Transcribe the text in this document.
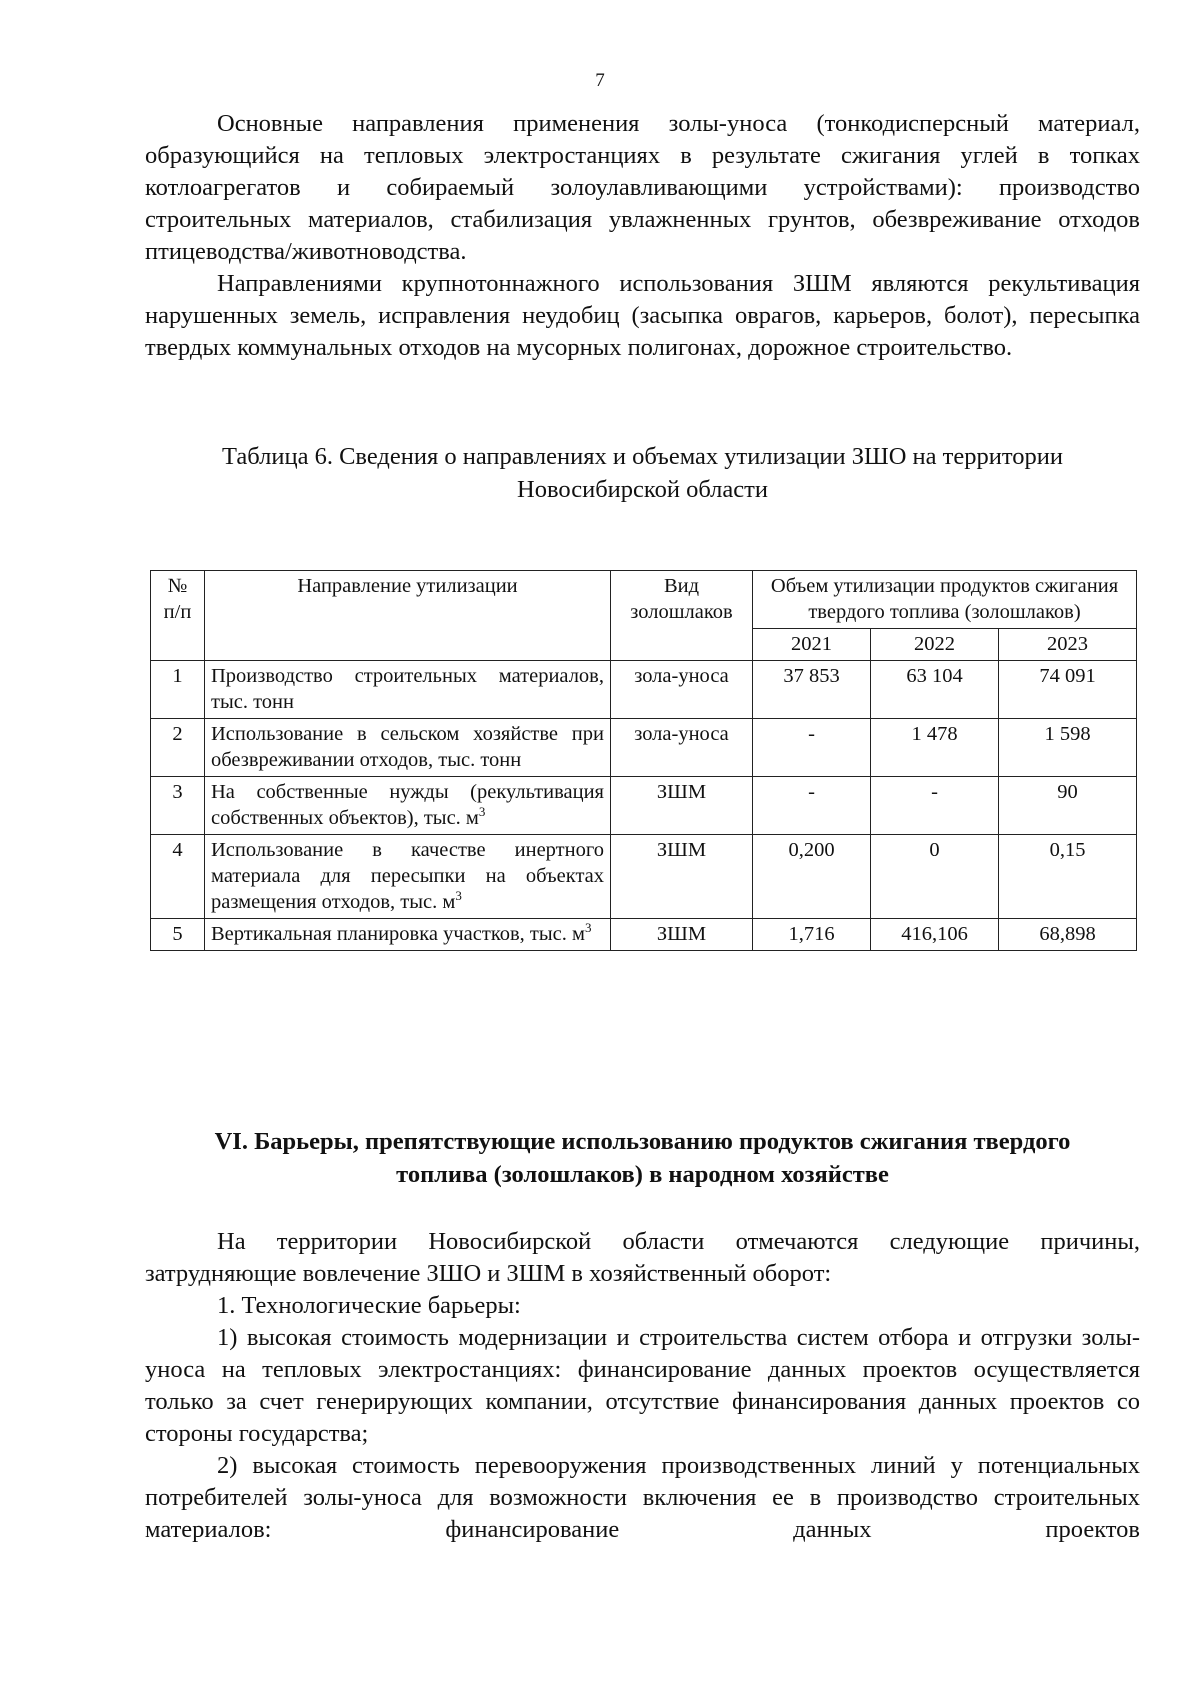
7

Основные направления применения золы-уноса (тонкодисперсный материал, образующийся на тепловых электростанциях в результате сжигания углей в топках котлоагрегатов и собираемый золоулавливающими устройствами): производство строительных материалов, стабилизация увлажненных грунтов, обезвреживание отходов птицеводства/животноводства.

Направлениями крупнотоннажного использования ЗШМ являются рекультивация нарушенных земель, исправления неудобиц (засыпка оврагов, карьеров, болот), пересыпка твердых коммунальных отходов на мусорных полигонах, дорожное строительство.

Таблица 6. Сведения о направлениях и объемах утилизации ЗШО на территории

Новосибирской области

№ п/п	Направление утилизации	Вид золошлаков	Объем утилизации продуктов сжигания твердого топлива (золошлаков)		
			2021	2022	2023
1	Производство строительных материалов, тыс. тонн	зола-уноса	37 853	63 104	74 091
2	Использование в сельском хозяйстве при обезвреживании отходов, тыс. тонн	зола-уноса	-	1 478	1 598
3	На собственные нужды (рекультивация собственных объектов), тыс. $м^3$	ЗШМ	-	-	90
4	Использование в качестве инертного материала для пересыпки на объектах размещения отходов, тыс. $м^3$	ЗШМ	0,200	0	0,15
5	Вертикальная планировка участков, тыс. $м^3$	ЗШМ	1,716	416,106	68,898

VI. Барьеры, препятствующие использованию продуктов сжигания твердого

топлива (золошлаков) в народном хозяйстве

На территории Новосибирской области отмечаются следующие причины, затрудняющие вовлечение ЗШО и ЗШМ в хозяйственный оборот:

1. Технологические барьеры:

1) высокая стоимость модернизации и строительства систем отбора и отгрузки золы-уноса на тепловых электростанциях: финансирование данных проектов осуществляется только за счет генерирующих компании, отсутствие финансирования данных проектов со стороны государства;

2) высокая стоимость перевооружения производственных линий у потенциальных потребителей золы-уноса для возможности включения ее в производство строительных материалов: финансирование данных проектов
